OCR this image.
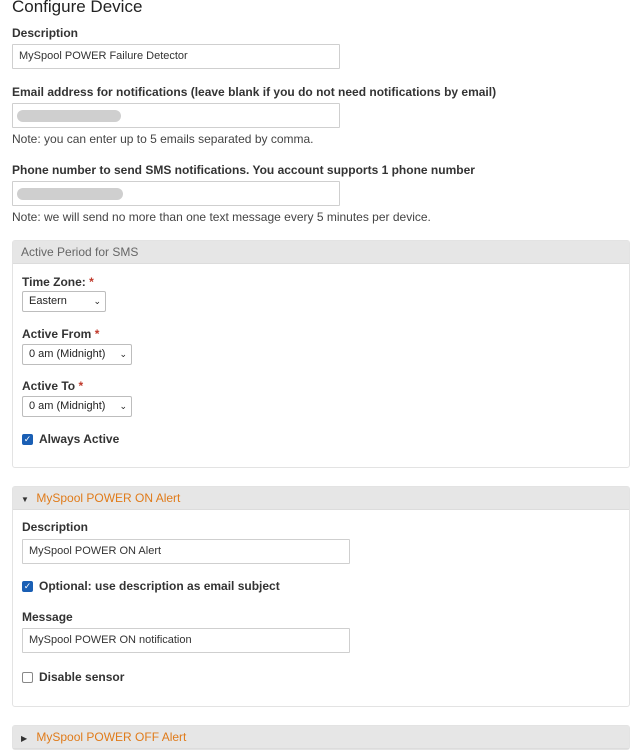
Configure Device
Description
MySpool POWER Failure Detector
Email address for notifications (leave blank if you do not need notifications by email)
Note: you can enter up to 5 emails separated by comma.
Phone number to send SMS notifications. You account supports 1 phone number
Note: we will send no more than one text message every 5 minutes per device.
Active Period for SMS
Time Zone: *
Eastern	⌄
Active From *
0 am (Midnight) ⌄
Active To *
0 am (Midnight) ⌄
✓ Always Active
▼ MySpool POWER ON Alert
Description
MySpool POWER ON Alert
✓ Optional: use description as email subject
Message
MySpool POWER ON notification
Disable sensor
▶ MySpool POWER OFF Alert
